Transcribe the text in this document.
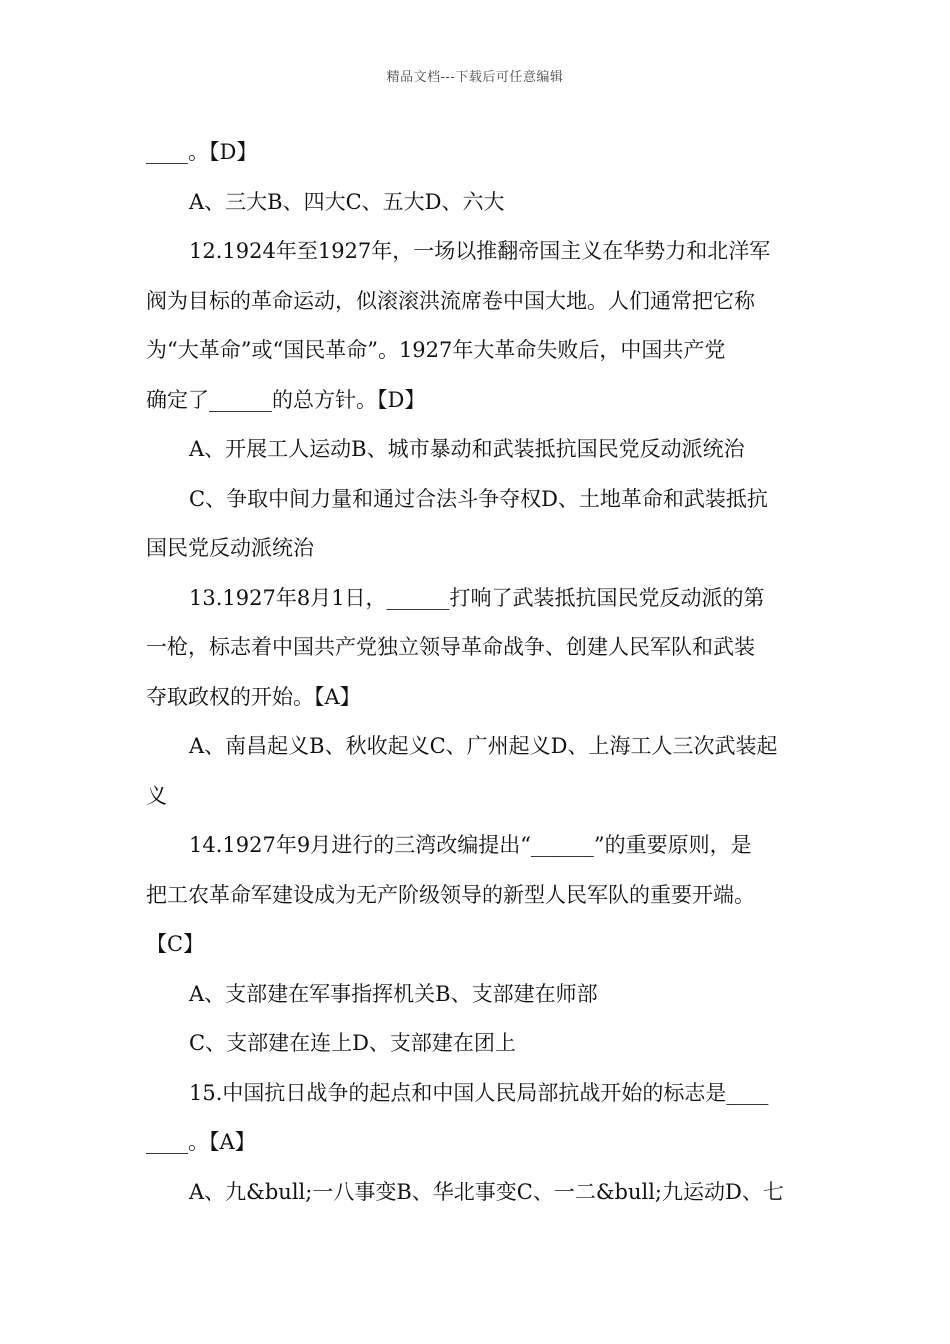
精品文档---下载后可任意编辑
____。【D】
A、三大B、四大C、五大D、六大
12.1924年至1927年，一场以推翻帝国主义在华势力和北洋军
阀为目标的革命运动，似滚滚洪流席卷中国大地。人们通常把它称
为“大革命”或“国民革命”。1927年大革命失败后，中国共产党
确定了______的总方针。【D】
A、开展工人运动B、城市暴动和武装抵抗国民党反动派统治
C、争取中间力量和通过合法斗争夺权D、土地革命和武装抵抗
国民党反动派统治
13.1927年8月1日，______打响了武装抵抗国民党反动派的第
一枪，标志着中国共产党独立领导革命战争、创建人民军队和武装
夺取政权的开始。【A】
A、南昌起义B、秋收起义C、广州起义D、上海工人三次武装起
义
14.1927年9月进行的三湾改编提出“______”的重要原则，是
把工农革命军建设成为无产阶级领导的新型人民军队的重要开端。
【C】
A、支部建在军事指挥机关B、支部建在师部
C、支部建在连上D、支部建在团上
15.中国抗日战争的起点和中国人民局部抗战开始的标志是____
____。【A】
A、九&bull;一八事变B、华北事变C、一二&bull;九运动D、七
